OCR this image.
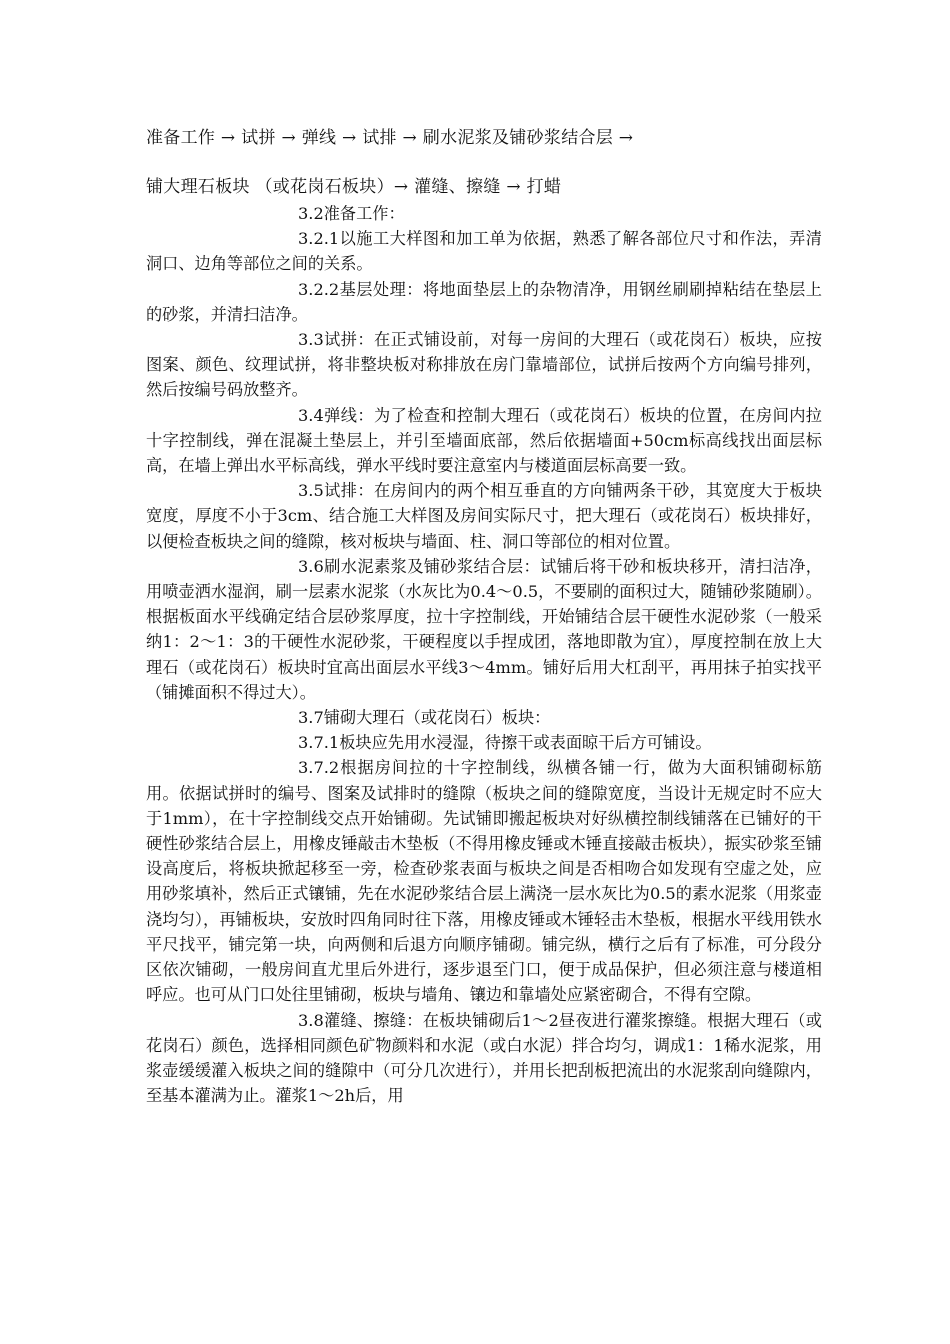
准备工作 → 试拼 → 弹线 → 试排 → 刷水泥浆及铺砂浆结合层 →
铺大理石板块 （或花岗石板块）→ 灌缝、擦缝 → 打蜡

3.2准备工作：

3.2.1以施工大样图和加工单为依据，熟悉了解各部位尺寸和作法，弄清洞口、边角等部位之间的关系。

3.2.2基层处理：将地面垫层上的杂物清净，用钢丝刷刷掉粘结在垫层上的砂浆，并清扫洁净。

3.3试拼：在正式铺设前，对每一房间的大理石（或花岗石）板块，应按图案、颜色、纹理试拼，将非整块板对称排放在房门靠墙部位，试拼后按两个方向编号排列，然后按编号码放整齐。

3.4弹线：为了检查和控制大理石（或花岗石）板块的位置，在房间内拉十字控制线，弹在混凝土垫层上，并引至墙面底部，然后依据墙面+50cm标高线找出面层标高，在墙上弹出水平标高线，弹水平线时要注意室内与楼道面层标高要一致。

3.5试排：在房间内的两个相互垂直的方向铺两条干砂，其宽度大于板块宽度，厚度不小于3cm、结合施工大样图及房间实际尺寸，把大理石（或花岗石）板块排好，以便检查板块之间的缝隙，核对板块与墙面、柱、洞口等部位的相对位置。

3.6刷水泥素浆及铺砂浆结合层：试铺后将干砂和板块移开，清扫洁净，用喷壶洒水湿润，刷一层素水泥浆（水灰比为0.4～0.5，不要刷的面积过大，随铺砂浆随刷）。根据板面水平线确定结合层砂浆厚度，拉十字控制线，开始铺结合层干硬性水泥砂浆（一般采纳1：2～1：3的干硬性水泥砂浆，干硬程度以手捏成团，落地即散为宜），厚度控制在放上大理石（或花岗石）板块时宜高出面层水平线3～4mm。铺好后用大杠刮平，再用抹子拍实找平（铺摊面积不得过大）。

3.7铺砌大理石（或花岗石）板块：

3.7.1板块应先用水浸湿，待擦干或表面晾干后方可铺设。

3.7.2根据房间拉的十字控制线，纵横各铺一行，做为大面积铺砌标筋用。依据试拼时的编号、图案及试排时的缝隙（板块之间的缝隙宽度，当设计无规定时不应大于1mm），在十字控制线交点开始铺砌。先试铺即搬起板块对好纵横控制线铺落在已铺好的干硬性砂浆结合层上，用橡皮锤敲击木垫板（不得用橡皮锤或木锤直接敲击板块），振实砂浆至铺设高度后，将板块掀起移至一旁，检查砂浆表面与板块之间是否相吻合如发现有空虚之处，应用砂浆填补，然后正式镶铺，先在水泥砂浆结合层上满浇一层水灰比为0.5的素水泥浆（用浆壶浇均匀），再铺板块，安放时四角同时往下落，用橡皮锤或木锤轻击木垫板，根据水平线用铁水平尺找平，铺完第一块，向两侧和后退方向顺序铺砌。铺完纵，横行之后有了标准，可分段分区依次铺砌，一般房间直尤里后外进行，逐步退至门口，便于成品保护，但必须注意与楼道相呼应。也可从门口处往里铺砌，板块与墙角、镶边和靠墙处应紧密砌合，不得有空隙。

3.8灌缝、擦缝：在板块铺砌后1～2昼夜进行灌浆擦缝。根据大理石（或花岗石）颜色，选择相同颜色矿物颜料和水泥（或白水泥）拌合均匀，调成1：1稀水泥浆，用浆壶缓缓灌入板块之间的缝隙中（可分几次进行），并用长把刮板把流出的水泥浆刮向缝隙内，至基本灌满为止。灌浆1～2h后，用
